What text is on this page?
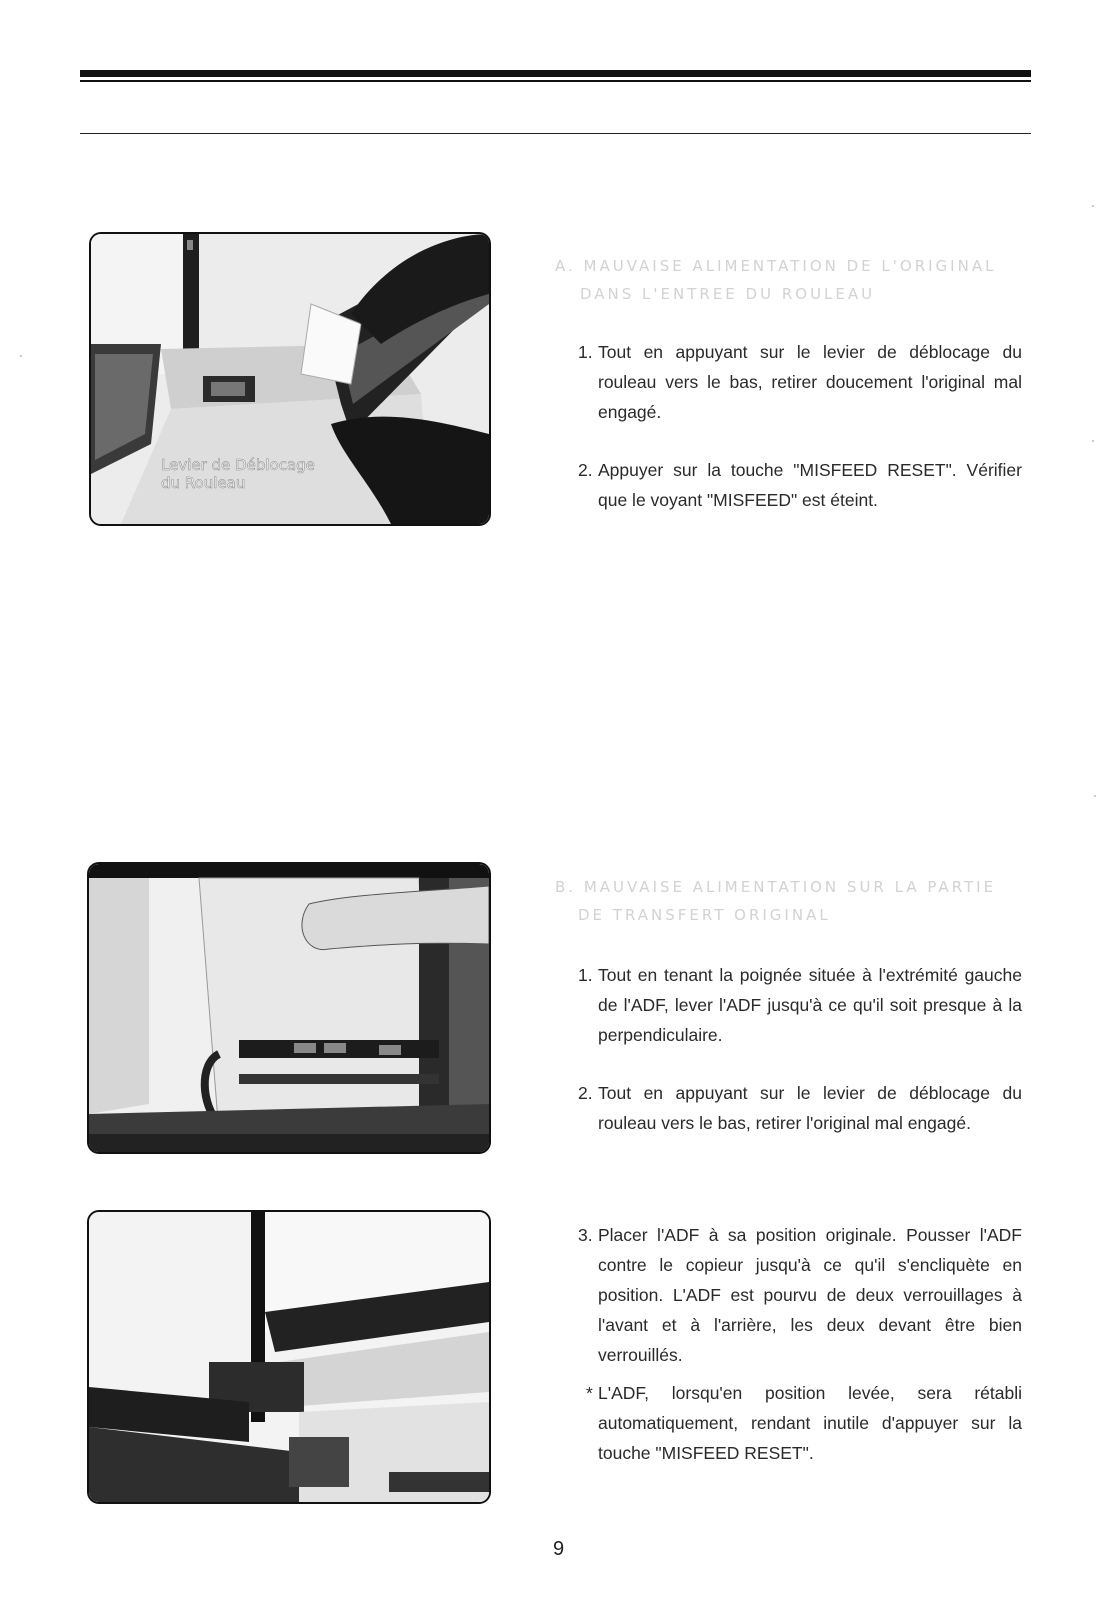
Levier de Déblocage
du Rouleau
A. MAUVAISE ALIMENTATION DE L'ORIGINAL
DANS L'ENTREE DU ROULEAU
1. Tout en appuyant sur le levier de déblocage du rouleau vers le bas, retirer doucement l'original mal engagé.
2. Appuyer sur la touche "MISFEED RESET". Vérifier que le voyant "MISFEED" est éteint.
B. MAUVAISE ALIMENTATION SUR LA PARTIE
DE TRANSFERT ORIGINAL
1. Tout en tenant la poignée située à l'extrémité gauche de l'ADF, lever l'ADF jusqu'à ce qu'il soit presque à la perpendiculaire.
2. Tout en appuyant sur le levier de déblocage du rouleau vers le bas, retirer l'original mal engagé.
3. Placer l'ADF à sa position originale. Pousser l'ADF contre le copieur jusqu'à ce qu'il s'encliquète en position. L'ADF est pourvu de deux verrouillages à l'avant et à l'arrière, les deux devant être bien verrouillés.
* L'ADF, lorsqu'en position levée, sera rétabli automatiquement, rendant inutile d'appuyer sur la touche "MISFEED RESET".
9
